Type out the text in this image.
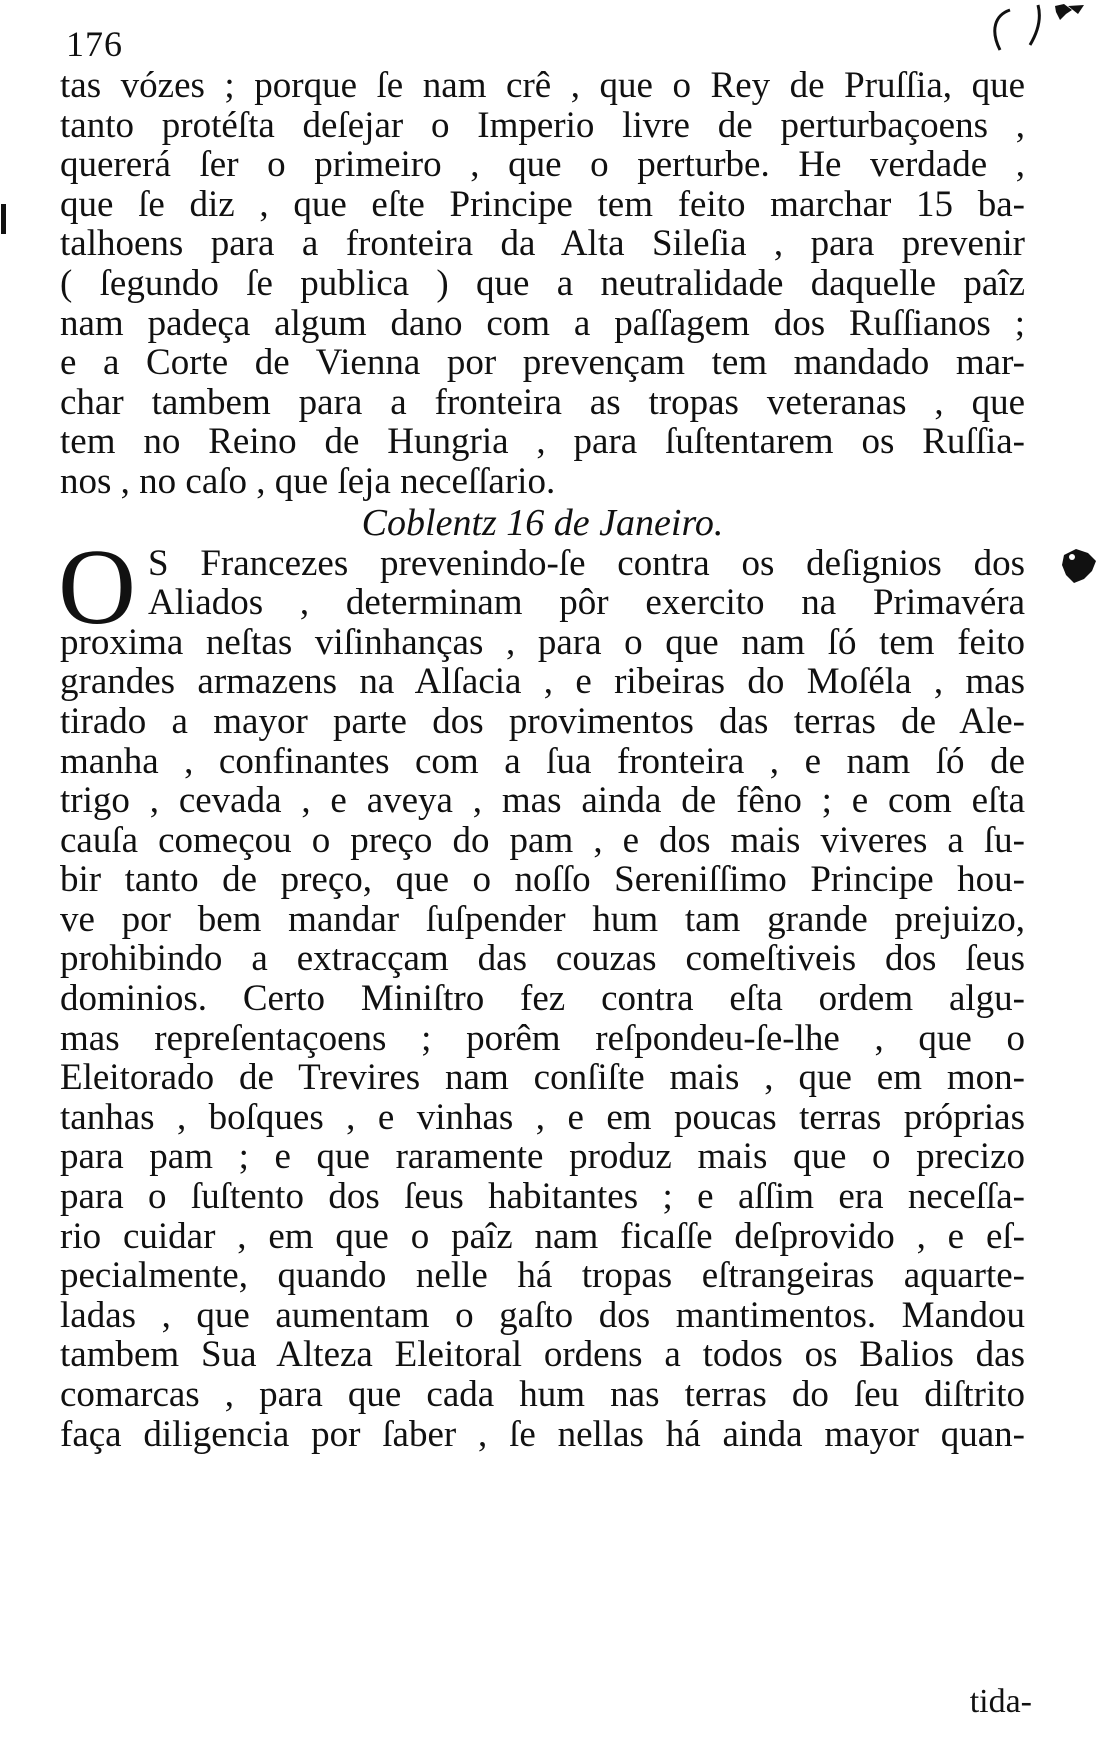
176
tas vózes ; porque ſe nam crê , que o Rey de Pruſſia, que
tanto protéſta deſejar o Imperio livre de perturbaçoens ,
quererá ſer o primeiro , que o perturbe. He verdade ,
que ſe diz , que eſte Principe tem feito marchar 15 ba-
talhoens para a fronteira da Alta Sileſia , para prevenir
( ſegundo ſe publica ) que a neutralidade daquelle paîz
nam padeça algum dano com a paſſagem dos Ruſſianos ;
e a Corte de Vienna por prevençam tem mandado mar-
char tambem para a fronteira as tropas veteranas , que
tem no Reino de Hungria , para ſuſtentarem os Ruſſia-
nos , no caſo , que ſeja neceſſario.
Coblentz 16 de Janeiro.
O S Francezes prevenindo-ſe contra os deſignios dos
Aliados , determinam pôr exercito na Primavéra
proxima neſtas viſinhanças , para o que nam ſó tem feito
grandes armazens na Alſacia , e ribeiras do Moſéla , mas
tirado a mayor parte dos provimentos das terras de Ale-
manha , confinantes com a ſua fronteira , e nam ſó de
trigo , cevada , e aveya , mas ainda de fêno ; e com eſta
cauſa começou o preço do pam , e dos mais viveres a ſu-
bir tanto de preço, que o noſſo Sereniſſimo Principe hou-
ve por bem mandar ſuſpender hum tam grande prejuizo,
prohibindo a extracçam das couzas comeſtiveis dos ſeus
dominios. Certo Miniſtro fez contra eſta ordem algu-
mas repreſentaçoens ; porêm reſpondeu-ſe-lhe , que o
Eleitorado de Trevires nam conſiſte mais , que em mon-
tanhas , boſques , e vinhas , e em poucas terras próprias
para pam ; e que raramente produz mais que o precizo
para o ſuſtento dos ſeus habitantes ; e aſſim era neceſſa-
rio cuidar , em que o paîz nam ficaſſe deſprovido , e eſ-
pecialmente, quando nelle há tropas eſtrangeiras aquarte-
ladas , que aumentam o gaſto dos mantimentos. Mandou
tambem Sua Alteza Eleitoral ordens a todos os Balios das
comarcas , para que cada hum nas terras do ſeu diſtrito
faça diligencia por ſaber , ſe nellas há ainda mayor quan-
tida-
